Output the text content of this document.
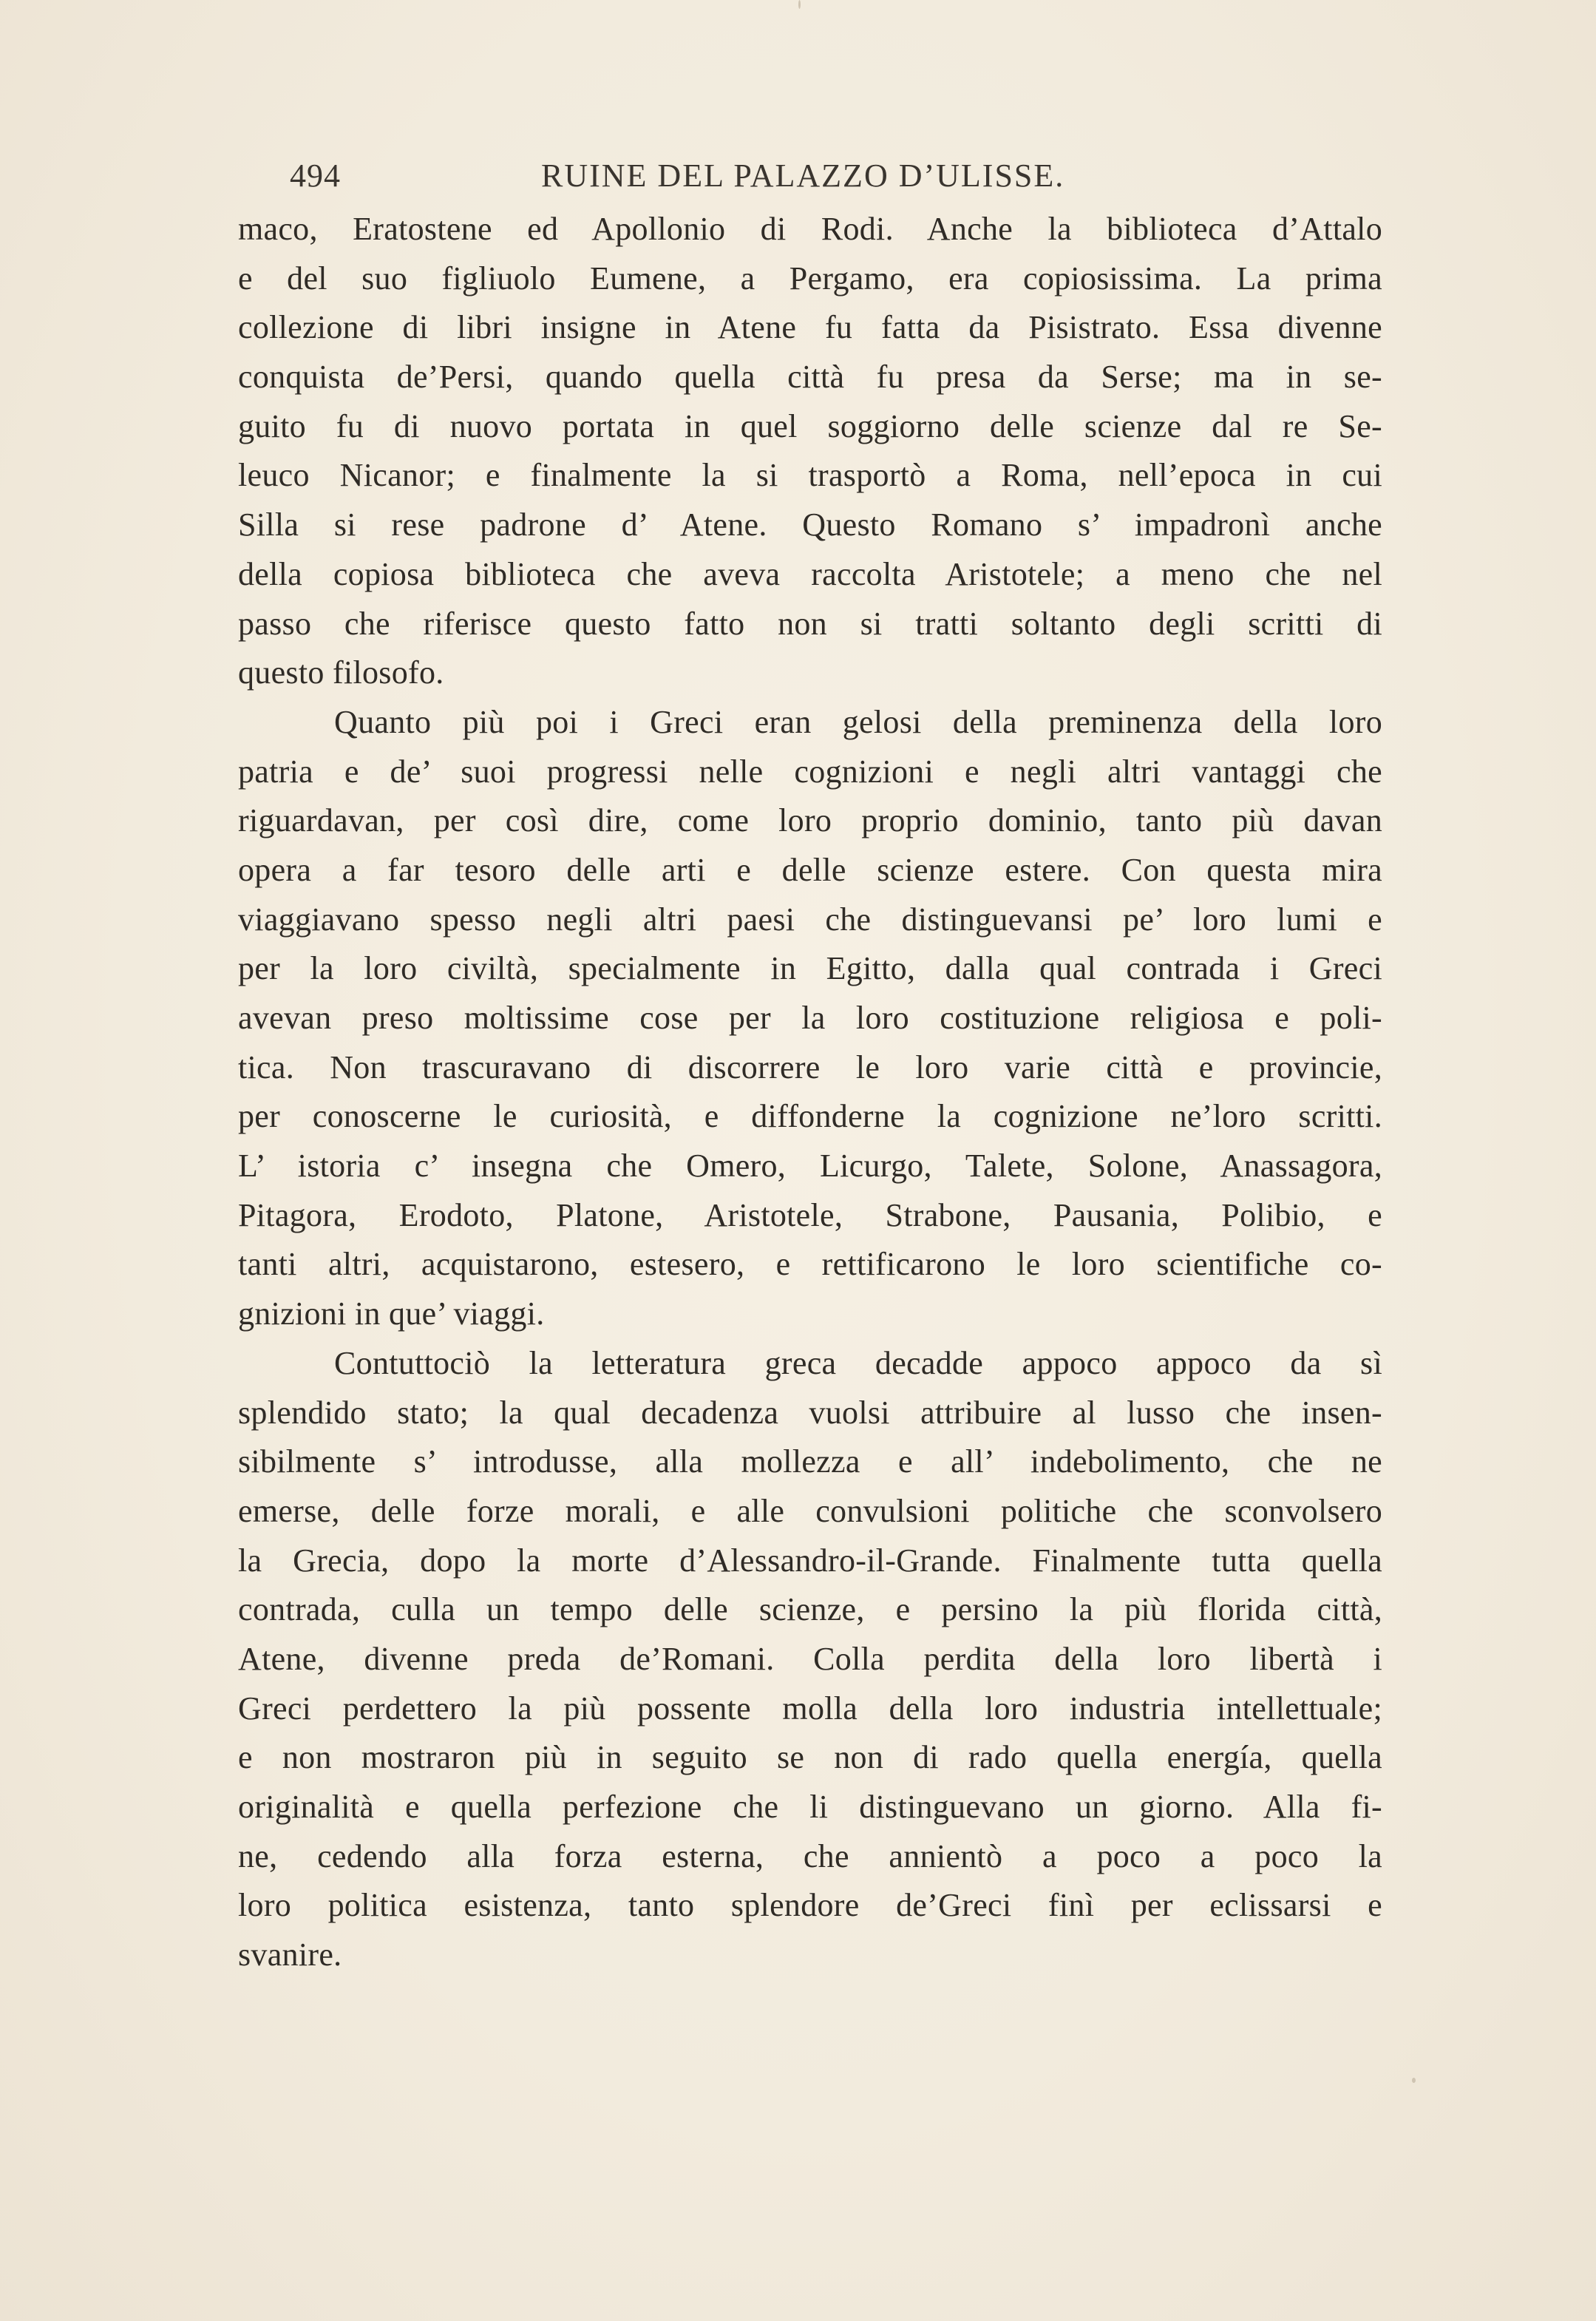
494	RUINE DEL PALAZZO D’ULISSE.
maco, Eratostene ed Apollonio di Rodi. Anche la biblioteca d’Attalo
e del suo figliuolo Eumene, a Pergamo, era copiosissima. La prima
collezione di libri insigne in Atene fu fatta da Pisistrato. Essa divenne
conquista de’Persi, quando quella città fu presa da Serse; ma in se-
guito fu di nuovo portata in quel soggiorno delle scienze dal re Se-
leuco Nicanor; e finalmente la si trasportò a Roma, nell’epoca in cui
Silla si rese padrone d’ Atene. Questo Romano s’ impadronì anche
della copiosa biblioteca che aveva raccolta Aristotele; a meno che nel
passo che riferisce questo fatto non si tratti soltanto degli scritti di
questo filosofo.
Quanto più poi i Greci eran gelosi della preminenza della loro
patria e de’ suoi progressi nelle cognizioni e negli altri vantaggi che
riguardavan, per così dire, come loro proprio dominio, tanto più davan
opera a far tesoro delle arti e delle scienze estere. Con questa mira
viaggiavano spesso negli altri paesi che distinguevansi pe’ loro lumi e
per la loro civiltà, specialmente in Egitto, dalla qual contrada i Greci
avevan preso moltissime cose per la loro costituzione religiosa e poli-
tica. Non trascuravano di discorrere le loro varie città e provincie,
per conoscerne le curiosità, e diffonderne la cognizione ne’loro scritti.
L’ istoria c’ insegna che Omero, Licurgo, Talete, Solone, Anassagora,
Pitagora, Erodoto, Platone, Aristotele, Strabone, Pausania, Polibio, e
tanti altri, acquistarono, estesero, e rettificarono le loro scientifiche co-
gnizioni in que’ viaggi.
Contuttociò la letteratura greca decadde appoco appoco da sì
splendido stato; la qual decadenza vuolsi attribuire al lusso che insen-
sibilmente s’ introdusse, alla mollezza e all’ indebolimento, che ne
emerse, delle forze morali, e alle convulsioni politiche che sconvolsero
la Grecia, dopo la morte d’Alessandro-il-Grande. Finalmente tutta quella
contrada, culla un tempo delle scienze, e persino la più florida città,
Atene, divenne preda de’Romani. Colla perdita della loro libertà i
Greci perdettero la più possente molla della loro industria intellettuale;
e non mostraron più in seguito se non di rado quella energía, quella
originalità e quella perfezione che li distinguevano un giorno. Alla fi-
ne, cedendo alla forza esterna, che annientò a poco a poco la
loro politica esistenza, tanto splendore de’Greci finì per eclissarsi e
svanire.
